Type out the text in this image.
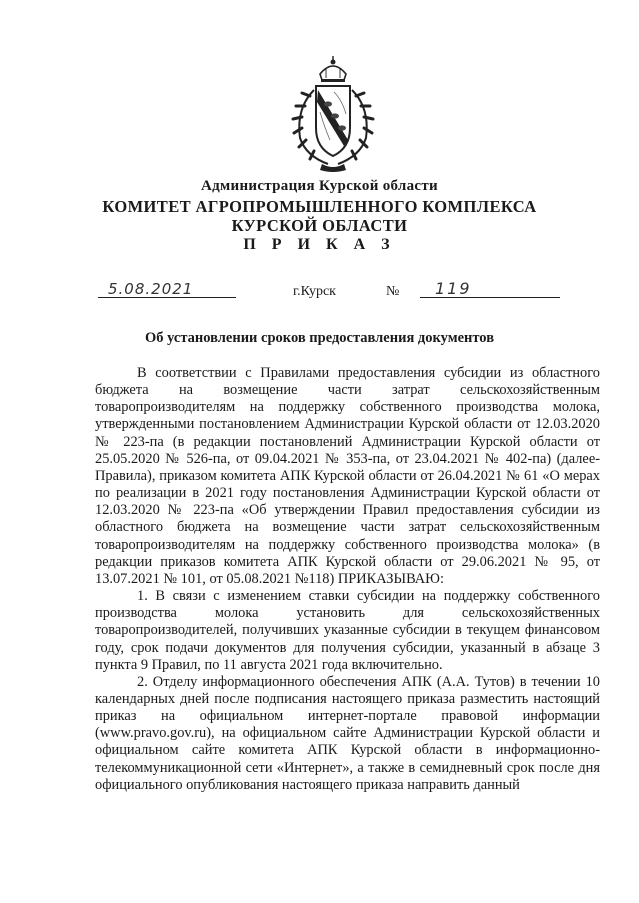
Администрация Курской области
КОМИТЕТ АГРОПРОМЫШЛЕННОГО КОМПЛЕКСА
КУРСКОЙ ОБЛАСТИ
П Р И К А З
5.08.2021	г.Курск	№ 119
Об установлении сроков предоставления документов

В соответствии с Правилами предоставления субсидии из областного бюджета на возмещение части затрат сельскохозяйственным товаропроизводителям на поддержку собственного производства молока, утвержденными постановлением Администрации Курской области от 12.03.2020 № 223-па (в редакции постановлений Администрации Курской области от 25.05.2020 № 526-па, от 09.04.2021 № 353-па, от 23.04.2021 № 402-па) (далее-Правила), приказом комитета АПК Курской области от 26.04.2021 № 61 «О мерах по реализации в 2021 году постановления Администрации Курской области от 12.03.2020 № 223-па «Об утверждении Правил предоставления субсидии из областного бюджета на возмещение части затрат сельскохозяйственным товаропроизводителям на поддержку собственного производства молока» (в редакции приказов комитета АПК Курской области от 29.06.2021 № 95, от 13.07.2021 № 101, от 05.08.2021 №118) ПРИКАЗЫВАЮ:

1. В связи с изменением ставки субсидии на поддержку собственного производства молока установить для сельскохозяйственных товаропроизводителей, получивших указанные субсидии в текущем финансовом году, срок подачи документов для получения субсидии, указанный в абзаце 3 пункта 9 Правил, по 11 августа 2021 года включительно.

2. Отделу информационного обеспечения АПК (А.А. Тутов) в течении 10 календарных дней после подписания настоящего приказа разместить настоящий приказ на официальном интернет-портале правовой информации (www.pravo.gov.ru), на официальном сайте Администрации Курской области и официальном сайте комитета АПК Курской области в информационно-телекоммуникационной сети «Интернет», а также в семидневный срок после дня официального опубликования настоящего приказа направить данный
